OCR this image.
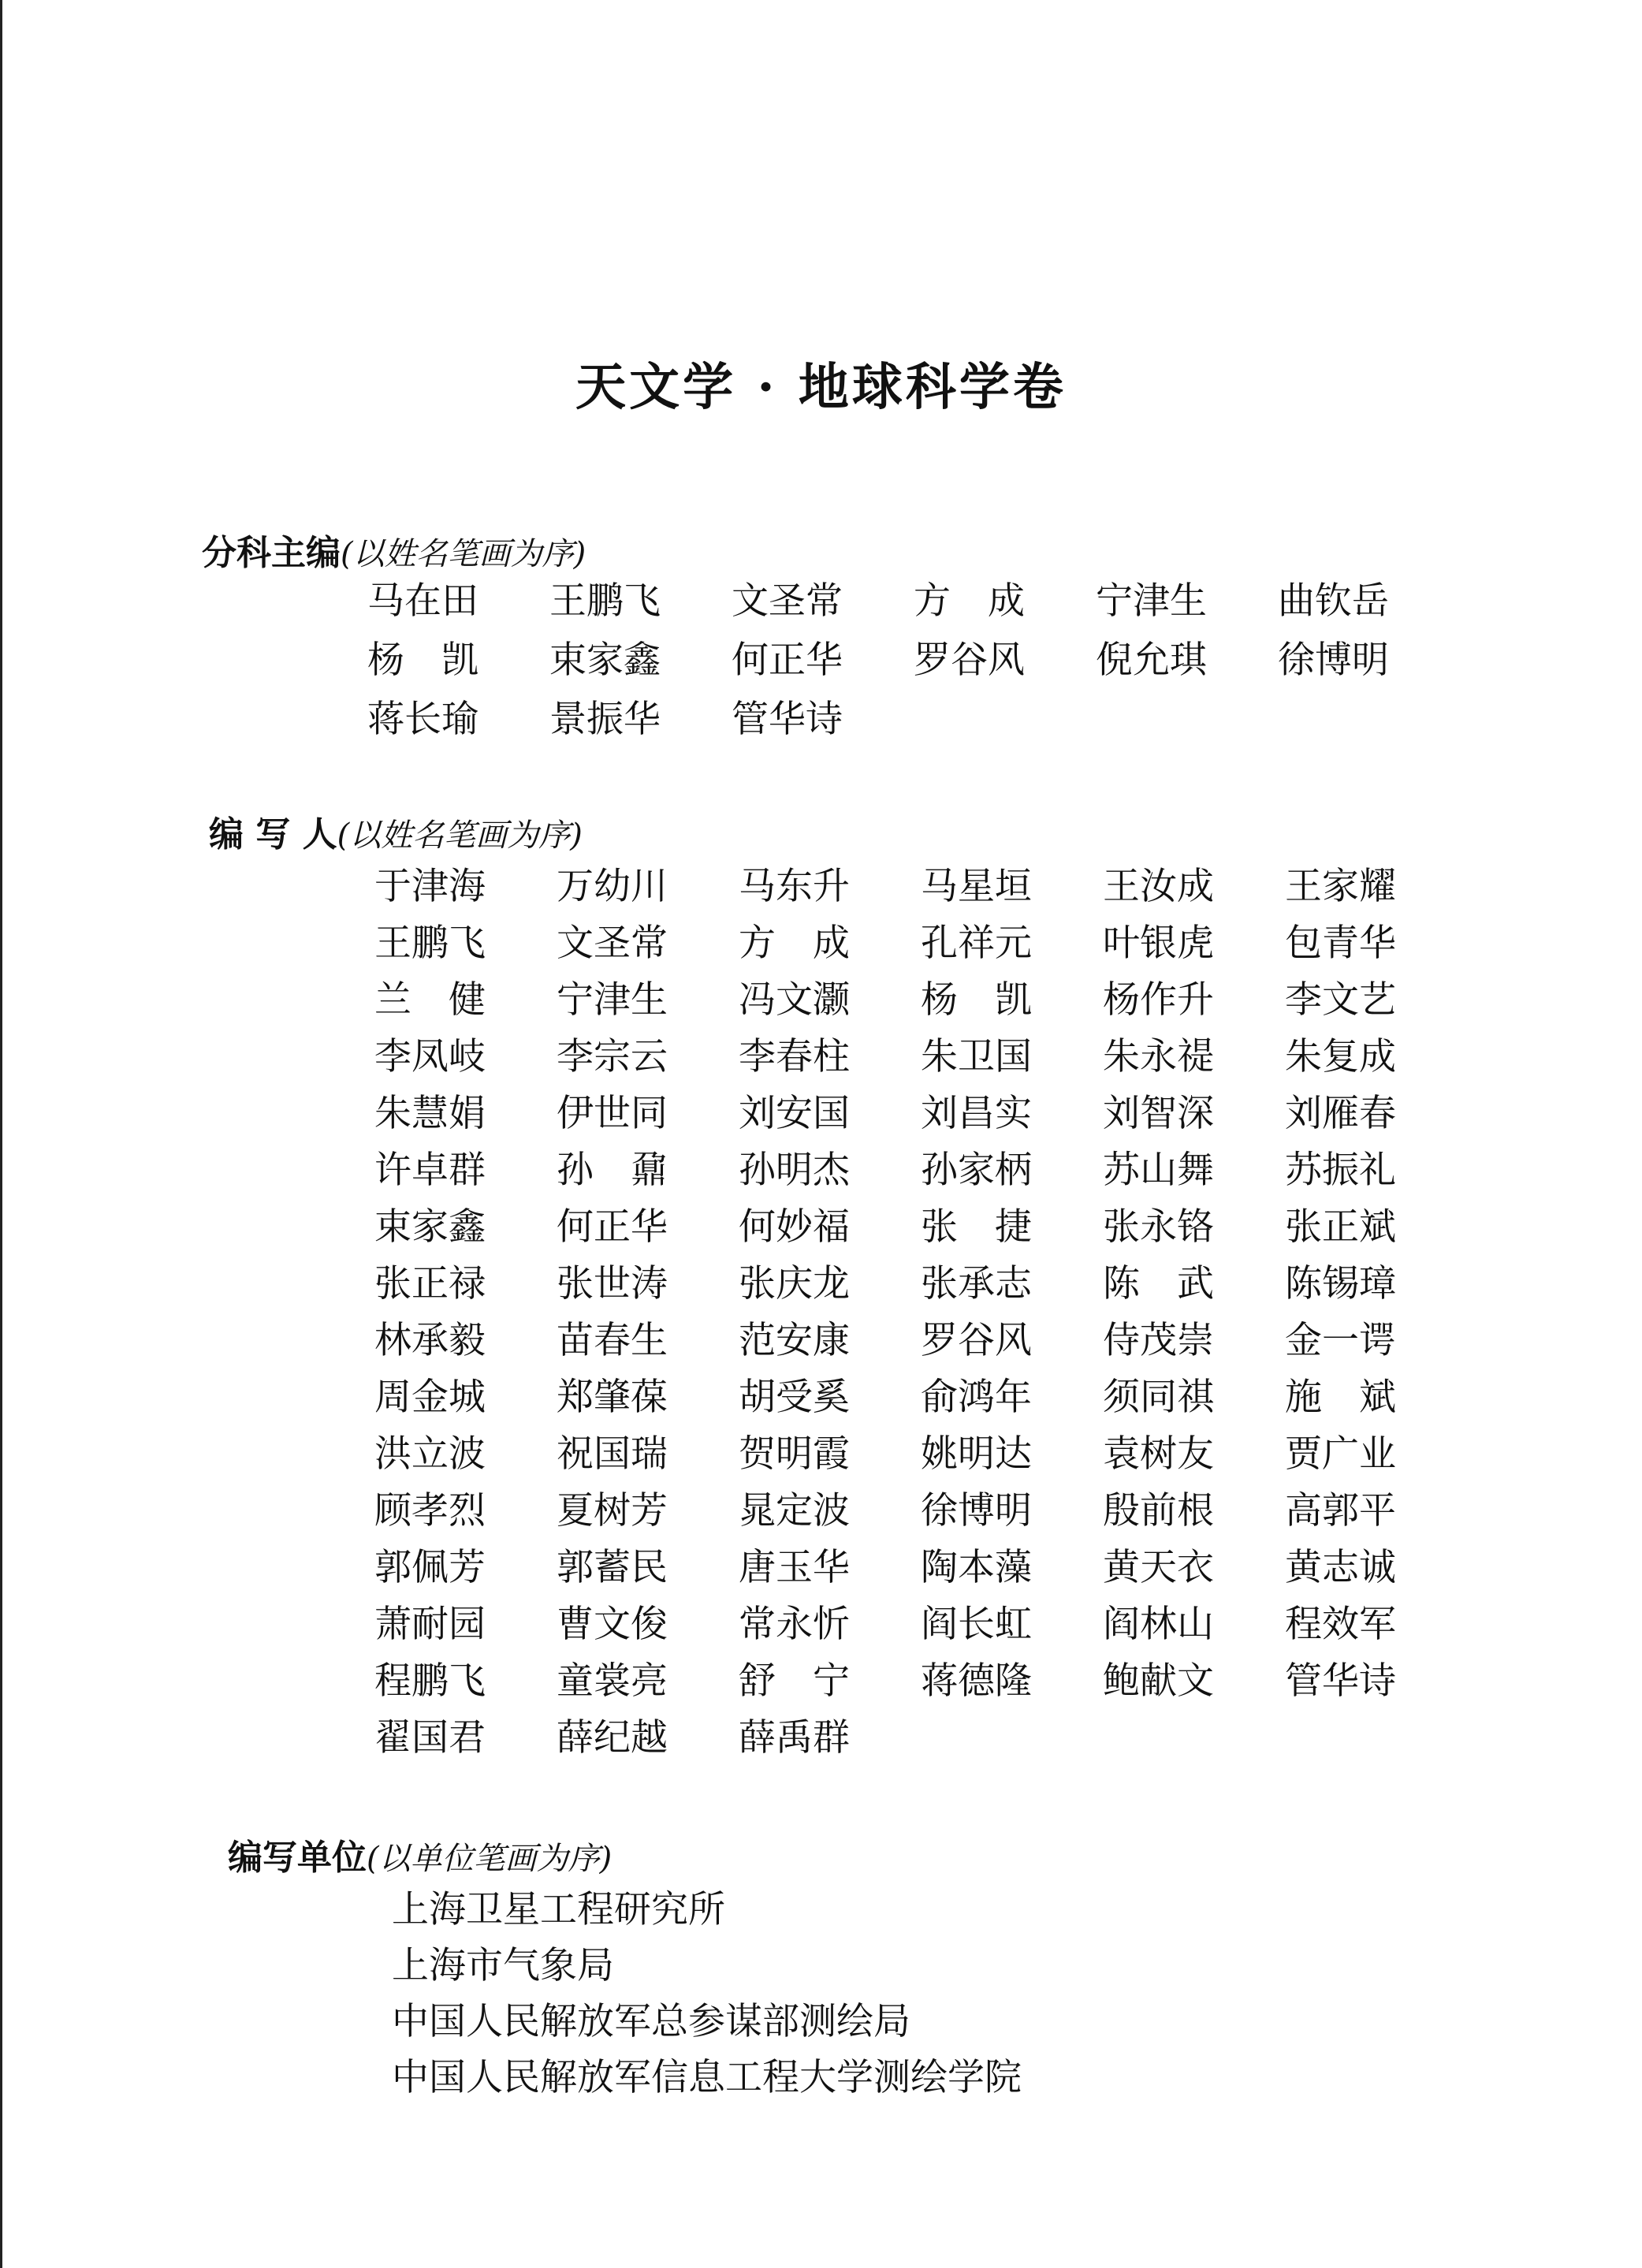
天文学 · 地球科学卷
分科主编(以姓名笔画为序)
马在田	王鹏飞	文圣常	方　成	宁津生	曲钦岳
杨　凯	束家鑫	何正华	罗谷风	倪允琪	徐博明
蒋长瑜	景振华	管华诗
编 写 人(以姓名笔画为序)
于津海	万幼川	马东升	马星垣	王汝成	王家耀
王鹏飞	文圣常	方　成	孔祥元	叶银虎	包青华
兰　健	宁津生	冯文灏	杨　凯	杨作升	李文艺
李凤岐	李宗云	李春柱	朱卫国	朱永禔	朱复成
朱慧娟	伊世同	刘安国	刘昌实	刘智深	刘雁春
许卓群	孙　鼐	孙明杰	孙家柄	苏山舞	苏振礼
束家鑫	何正华	何妙福	张　捷	张永铬	张正斌
张正禄	张世涛	张庆龙	张承志	陈　武	陈锡璋
林承毅	苗春生	范安康	罗谷风	侍茂崇	金一谔
周金城	郑肇葆	胡受奚	俞鸿年	须同祺	施　斌
洪立波	祝国瑞	贺明霞	姚明达	袁树友	贾广业
顾孝烈	夏树芳	晁定波	徐博明	殷前根	高郭平
郭佩芳	郭蓄民	唐玉华	陶本藻	黄天衣	黄志诚
萧耐园	曹文俊	常永忻	阎长虹	阎林山	程效军
程鹏飞	童裳亮	舒　宁	蒋德隆	鲍献文	管华诗
翟国君	薛纪越	薛禹群
编写单位(以单位笔画为序)
上海卫星工程研究所
上海市气象局
中国人民解放军总参谋部测绘局
中国人民解放军信息工程大学测绘学院
